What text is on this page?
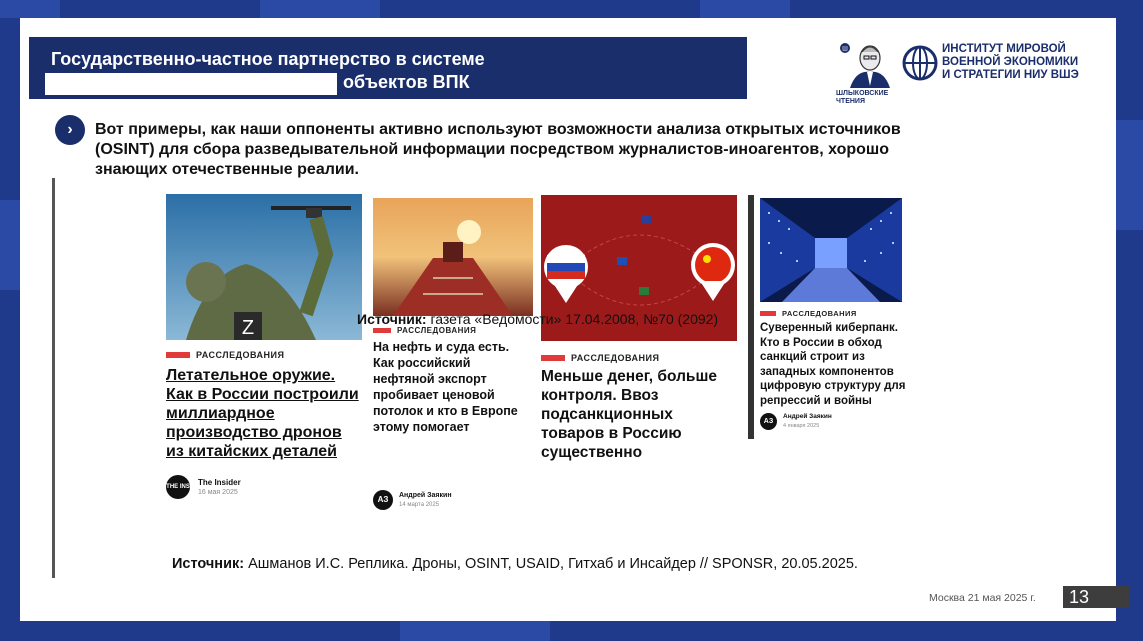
Государственно-частное партнерство в системе
объектов ВПК
Ш
ШЛЫКОВСКИЕ ЧТЕНИЯ
ИНСТИТУТ МИРОВОЙ
ВОЕННОЙ ЭКОНОМИКИ
И СТРАТЕГИИ НИУ ВШЭ
›	Вот примеры, как наши оппоненты активно используют возможности анализа открытых источников (OSINT) для сбора разведывательной информации посредством журналистов-иноагентов, хорошо знающих отечественные реалии.
Z
РАССЛЕДОВАНИЯ
Летательное оружие. Как в России построили миллиардное производство дронов из китайских деталей
THE INS
The Insider
16 мая 2025
РАССЛЕДОВАНИЯ
На нефть и суда есть. Как российский нефтяной экспорт пробивает ценовой потолок и кто в Европе этому помогает
АЗ	Андрей Заякин
14 марта 2025
РАССЛЕДОВАНИЯ
Меньше денег, больше контроля. Ввоз подсанкционных товаров в Россию существенно
РАССЛЕДОВАНИЯ
Суверенный киберпанк. Кто в России в обход санкций строит из западных компонентов цифровую структуру для репрессий и войны
АЗ
Андрей Заякин
4 января 2025
Источник: газета «Ведомости» 17.04.2008, №70 (2092)
Источник: Ашманов И.С. Реплика. Дроны, OSINT, USAID, Гитхаб и Инсайдер // SPONSR, 20.05.2025.
Москва 21 мая 2025 г.	13
